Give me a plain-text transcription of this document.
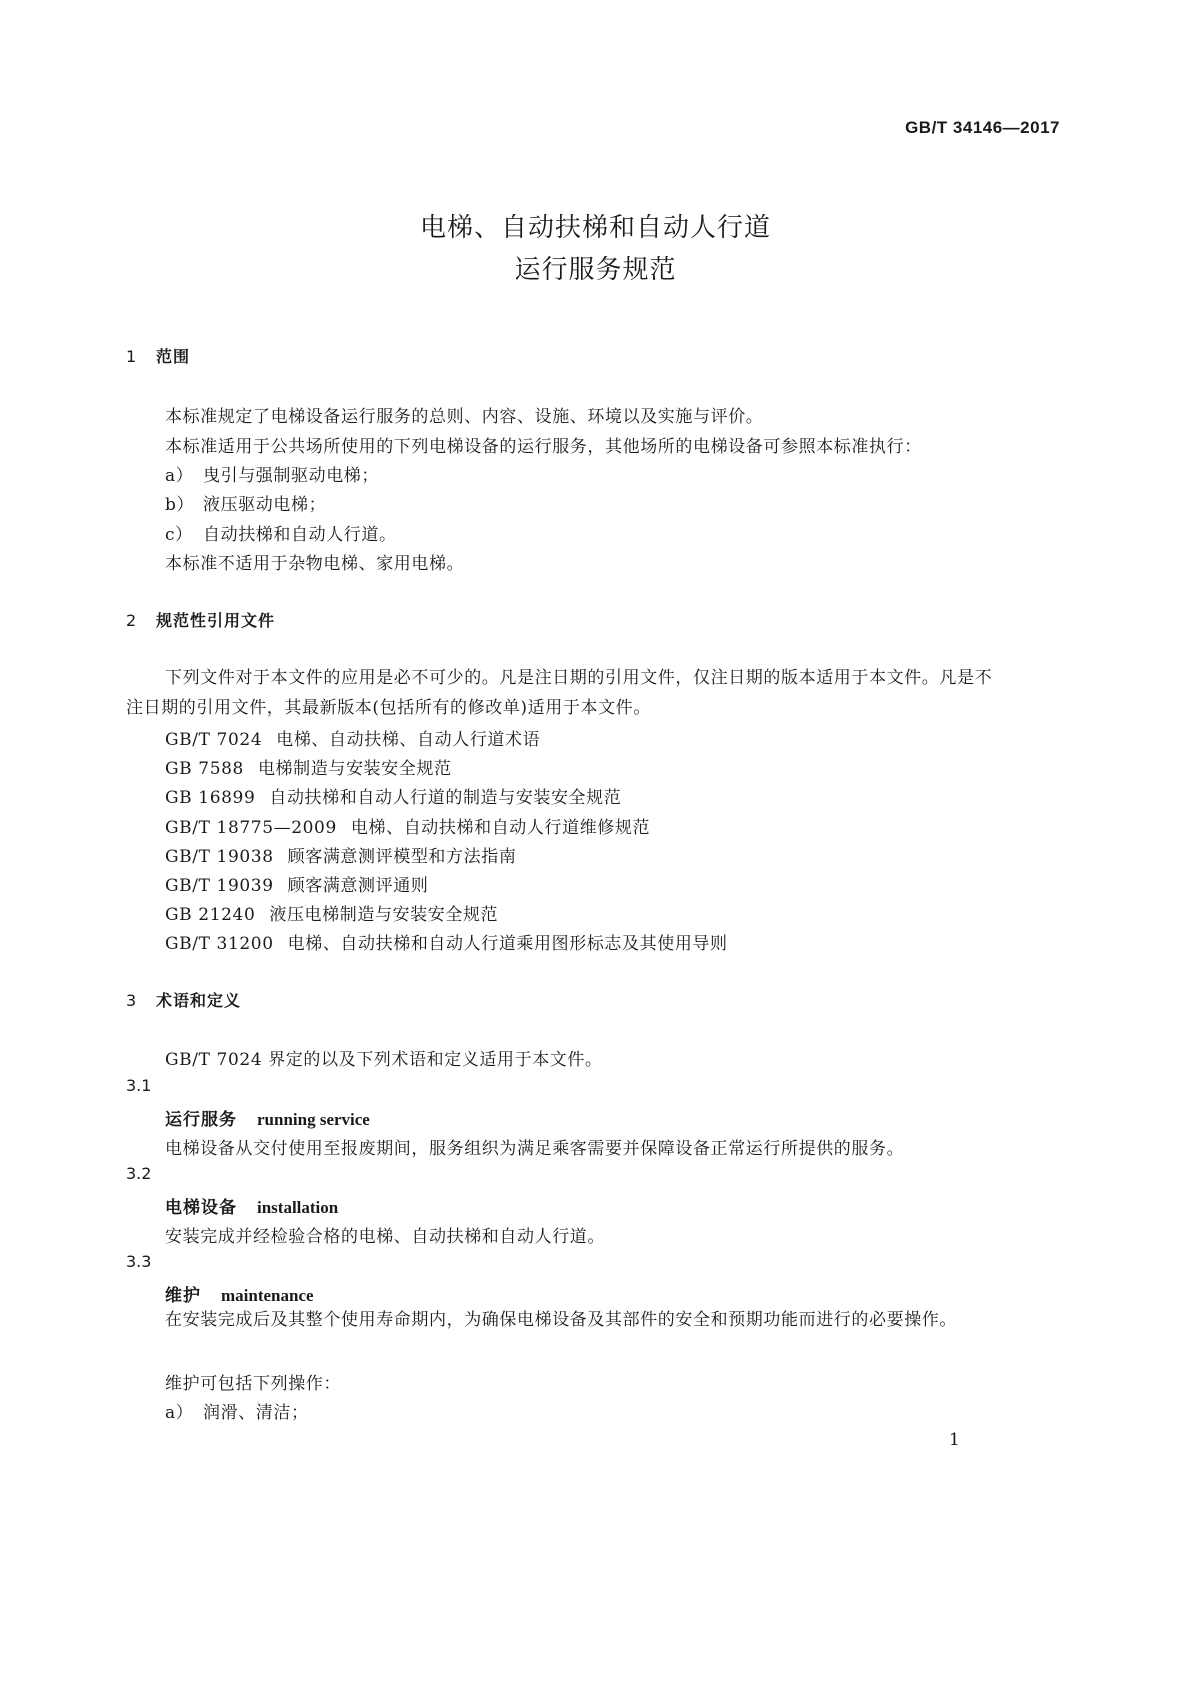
GB/T 34146—2017
电梯、自动扶梯和自动人行道
运行服务规范
1 范围
本标准规定了电梯设备运行服务的总则、内容、设施、环境以及实施与评价。
本标准适用于公共场所使用的下列电梯设备的运行服务，其他场所的电梯设备可参照本标准执行：
a） 曳引与强制驱动电梯；
b） 液压驱动电梯；
c） 自动扶梯和自动人行道。
本标准不适用于杂物电梯、家用电梯。
2 规范性引用文件
下列文件对于本文件的应用是必不可少的。凡是注日期的引用文件，仅注日期的版本适用于本文件。凡是不注日期的引用文件，其最新版本(包括所有的修改单)适用于本文件。
GB/T 7024 电梯、自动扶梯、自动人行道术语
GB 7588 电梯制造与安装安全规范
GB 16899 自动扶梯和自动人行道的制造与安装安全规范
GB/T 18775—2009 电梯、自动扶梯和自动人行道维修规范
GB/T 19038 顾客满意测评模型和方法指南
GB/T 19039 顾客满意测评通则
GB 21240 液压电梯制造与安装安全规范
GB/T 31200 电梯、自动扶梯和自动人行道乘用图形标志及其使用导则
3 术语和定义
GB/T 7024 界定的以及下列术语和定义适用于本文件。
3.1
运行服务 running service
电梯设备从交付使用至报废期间，服务组织为满足乘客需要并保障设备正常运行所提供的服务。
3.2
电梯设备 installation
安装完成并经检验合格的电梯、自动扶梯和自动人行道。
3.3
维护 maintenance
在安装完成后及其整个使用寿命期内，为确保电梯设备及其部件的安全和预期功能而进行的必要操作。
维护可包括下列操作：
a） 润滑、清洁；
1
